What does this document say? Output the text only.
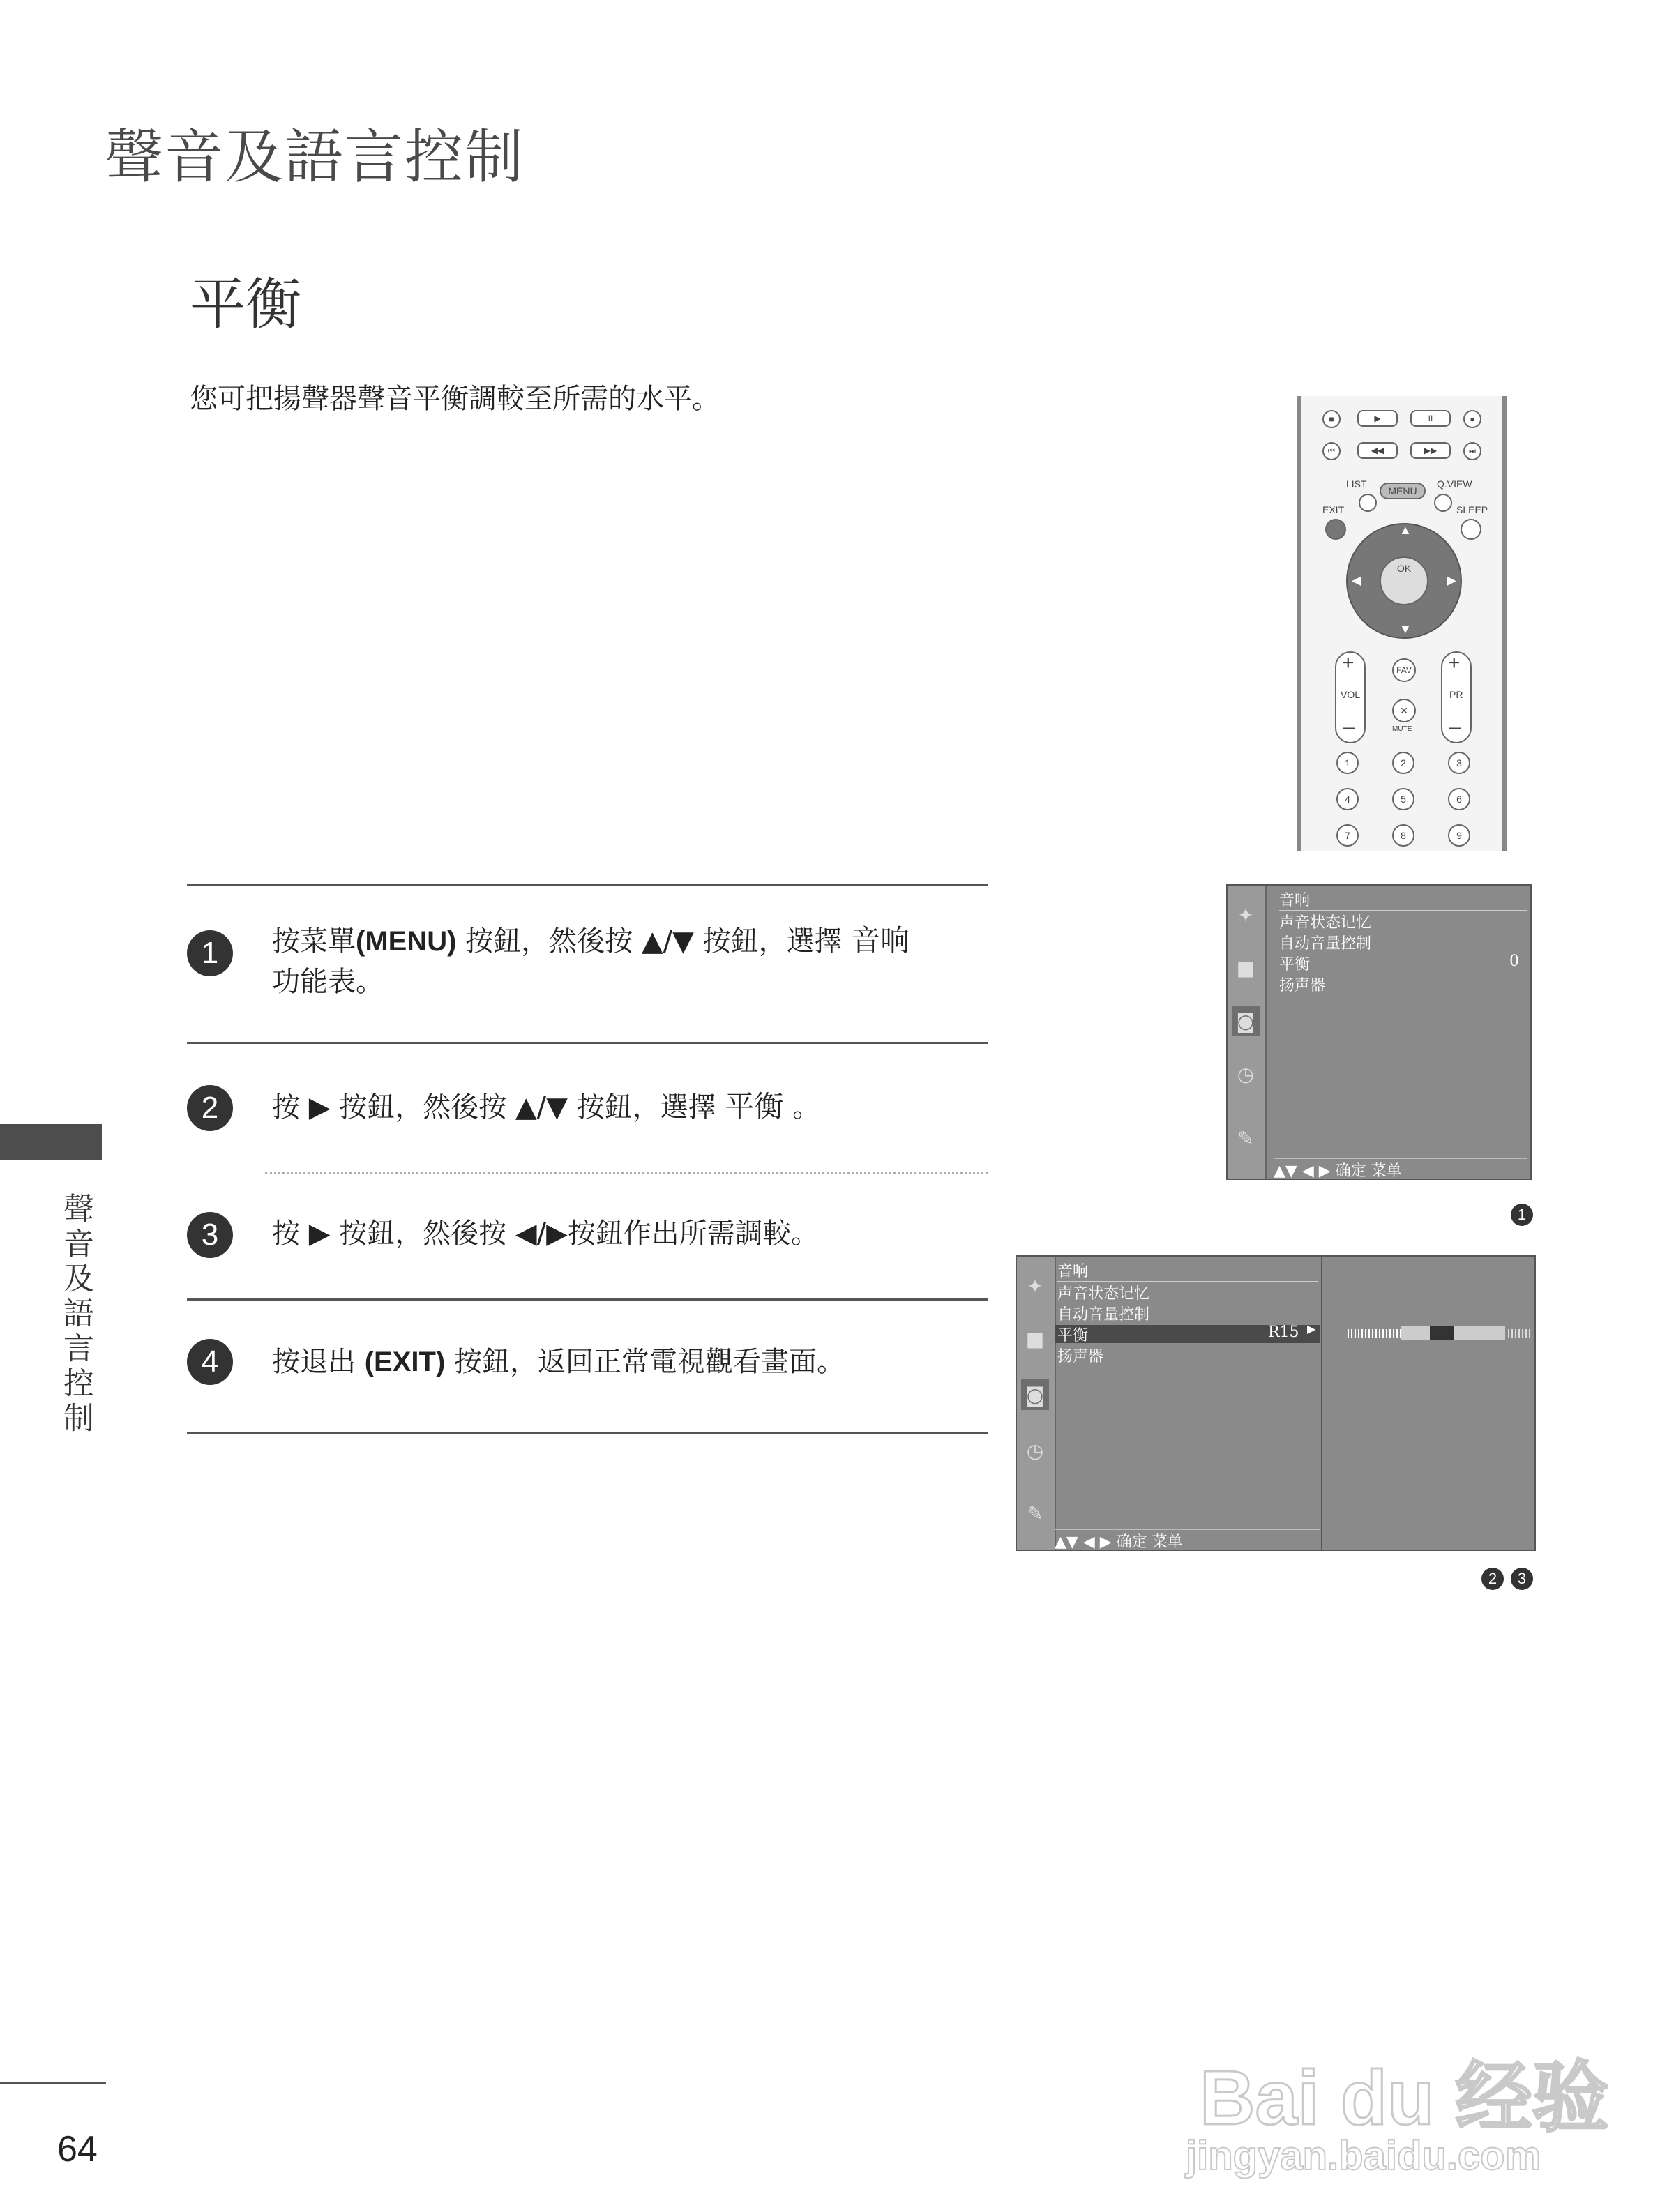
聲音及語言控制
平衡
您可把揚聲器聲音平衡調較至所需的水平。
■	▶	II	●
⏮	◀◀	▶▶	⏭
LIST
MENU
Q.VIEW
EXIT	SLEEP
▲
▼
◀	▶
OK
+
VOL
–
+
PR
–
FAV
✕
MUTE
1	2	3
4	5	6
7	8	9
1	按菜單(MENU) 按鈕，然後按 ▲/▼ 按鈕，選擇 音响
功能表。
2	按 ▶ 按鈕，然後按 ▲/▼ 按鈕，選擇 平衡 。
3	按 ▶ 按鈕，然後按 ◀/▶按鈕作出所需調較。
4	按退出 (EXIT) 按鈕，返回正常電視觀看畫面。
✦
■
◙
◷
✎
音响
声音状态记忆
自动音量控制
平衡	0
扬声器
▲▼ ◀ ▶ 确定 菜单
1
✦
■
◙
◷
✎
音响
声音状态记忆
自动音量控制
平衡	R15 ▶
扬声器
▲▼ ◀ ▶ 确定 菜单
2	3
聲音及語言控制
64
Bai du 经验
jingyan.baidu.com
